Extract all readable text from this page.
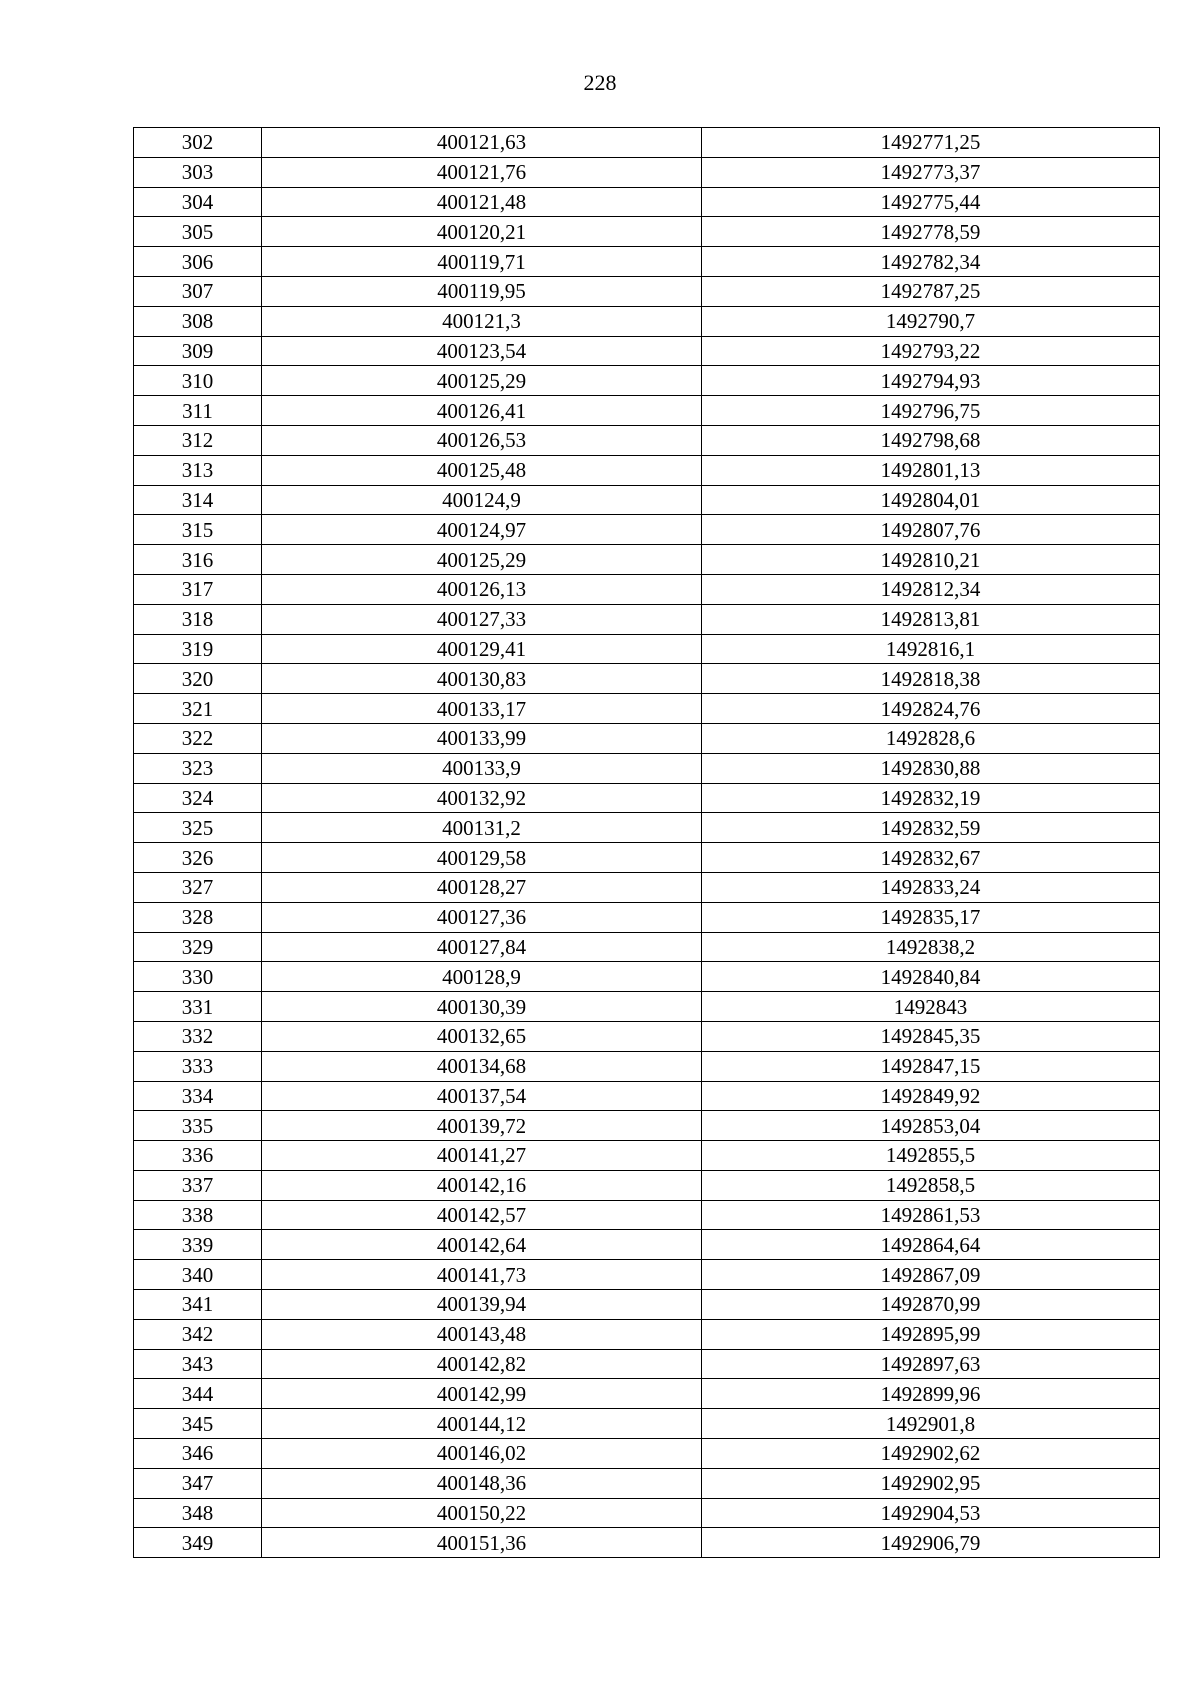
228
302	400121,63	1492771,25
303	400121,76	1492773,37
304	400121,48	1492775,44
305	400120,21	1492778,59
306	400119,71	1492782,34
307	400119,95	1492787,25
308	400121,3	1492790,7
309	400123,54	1492793,22
310	400125,29	1492794,93
311	400126,41	1492796,75
312	400126,53	1492798,68
313	400125,48	1492801,13
314	400124,9	1492804,01
315	400124,97	1492807,76
316	400125,29	1492810,21
317	400126,13	1492812,34
318	400127,33	1492813,81
319	400129,41	1492816,1
320	400130,83	1492818,38
321	400133,17	1492824,76
322	400133,99	1492828,6
323	400133,9	1492830,88
324	400132,92	1492832,19
325	400131,2	1492832,59
326	400129,58	1492832,67
327	400128,27	1492833,24
328	400127,36	1492835,17
329	400127,84	1492838,2
330	400128,9	1492840,84
331	400130,39	1492843
332	400132,65	1492845,35
333	400134,68	1492847,15
334	400137,54	1492849,92
335	400139,72	1492853,04
336	400141,27	1492855,5
337	400142,16	1492858,5
338	400142,57	1492861,53
339	400142,64	1492864,64
340	400141,73	1492867,09
341	400139,94	1492870,99
342	400143,48	1492895,99
343	400142,82	1492897,63
344	400142,99	1492899,96
345	400144,12	1492901,8
346	400146,02	1492902,62
347	400148,36	1492902,95
348	400150,22	1492904,53
349	400151,36	1492906,79
